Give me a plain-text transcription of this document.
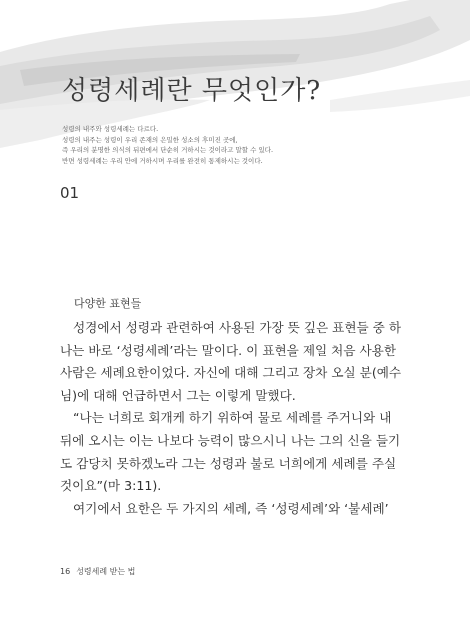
성령세례란 무엇인가?
성령의 내주와 성령세례는 다르다.
성령의 내주는 성령이 우리 존재의 은밀한 성소의 후미진 곳에,
즉 우리의 분명한 의식의 뒤편에서 단순히 거하시는 것이라고 말할 수 있다.
반면 성령세례는 우리 안에 거하시며 우리를 완전히 통제하시는 것이다.
01
다양한 표현들
성경에서 성령과 관련하여 사용된 가장 뜻 깊은 표현들 중 하
나는 바로 ‘성령세례’라는 말이다. 이 표현을 제일 처음 사용한
사람은 세례요한이었다. 자신에 대해 그리고 장차 오실 분(예수
님)에 대해 언급하면서 그는 이렇게 말했다.
“나는 너희로 회개케 하기 위하여 물로 세례를 주거니와 내
뒤에 오시는 이는 나보다 능력이 많으시니 나는 그의 신을 들기
도 감당치 못하겠노라 그는 성령과 불로 너희에게 세례를 주실
것이요”(마 3:11).
여기에서 요한은 두 가지의 세례, 즉 ‘성령세례’와 ‘불세례’
16 성령세례 받는 법
